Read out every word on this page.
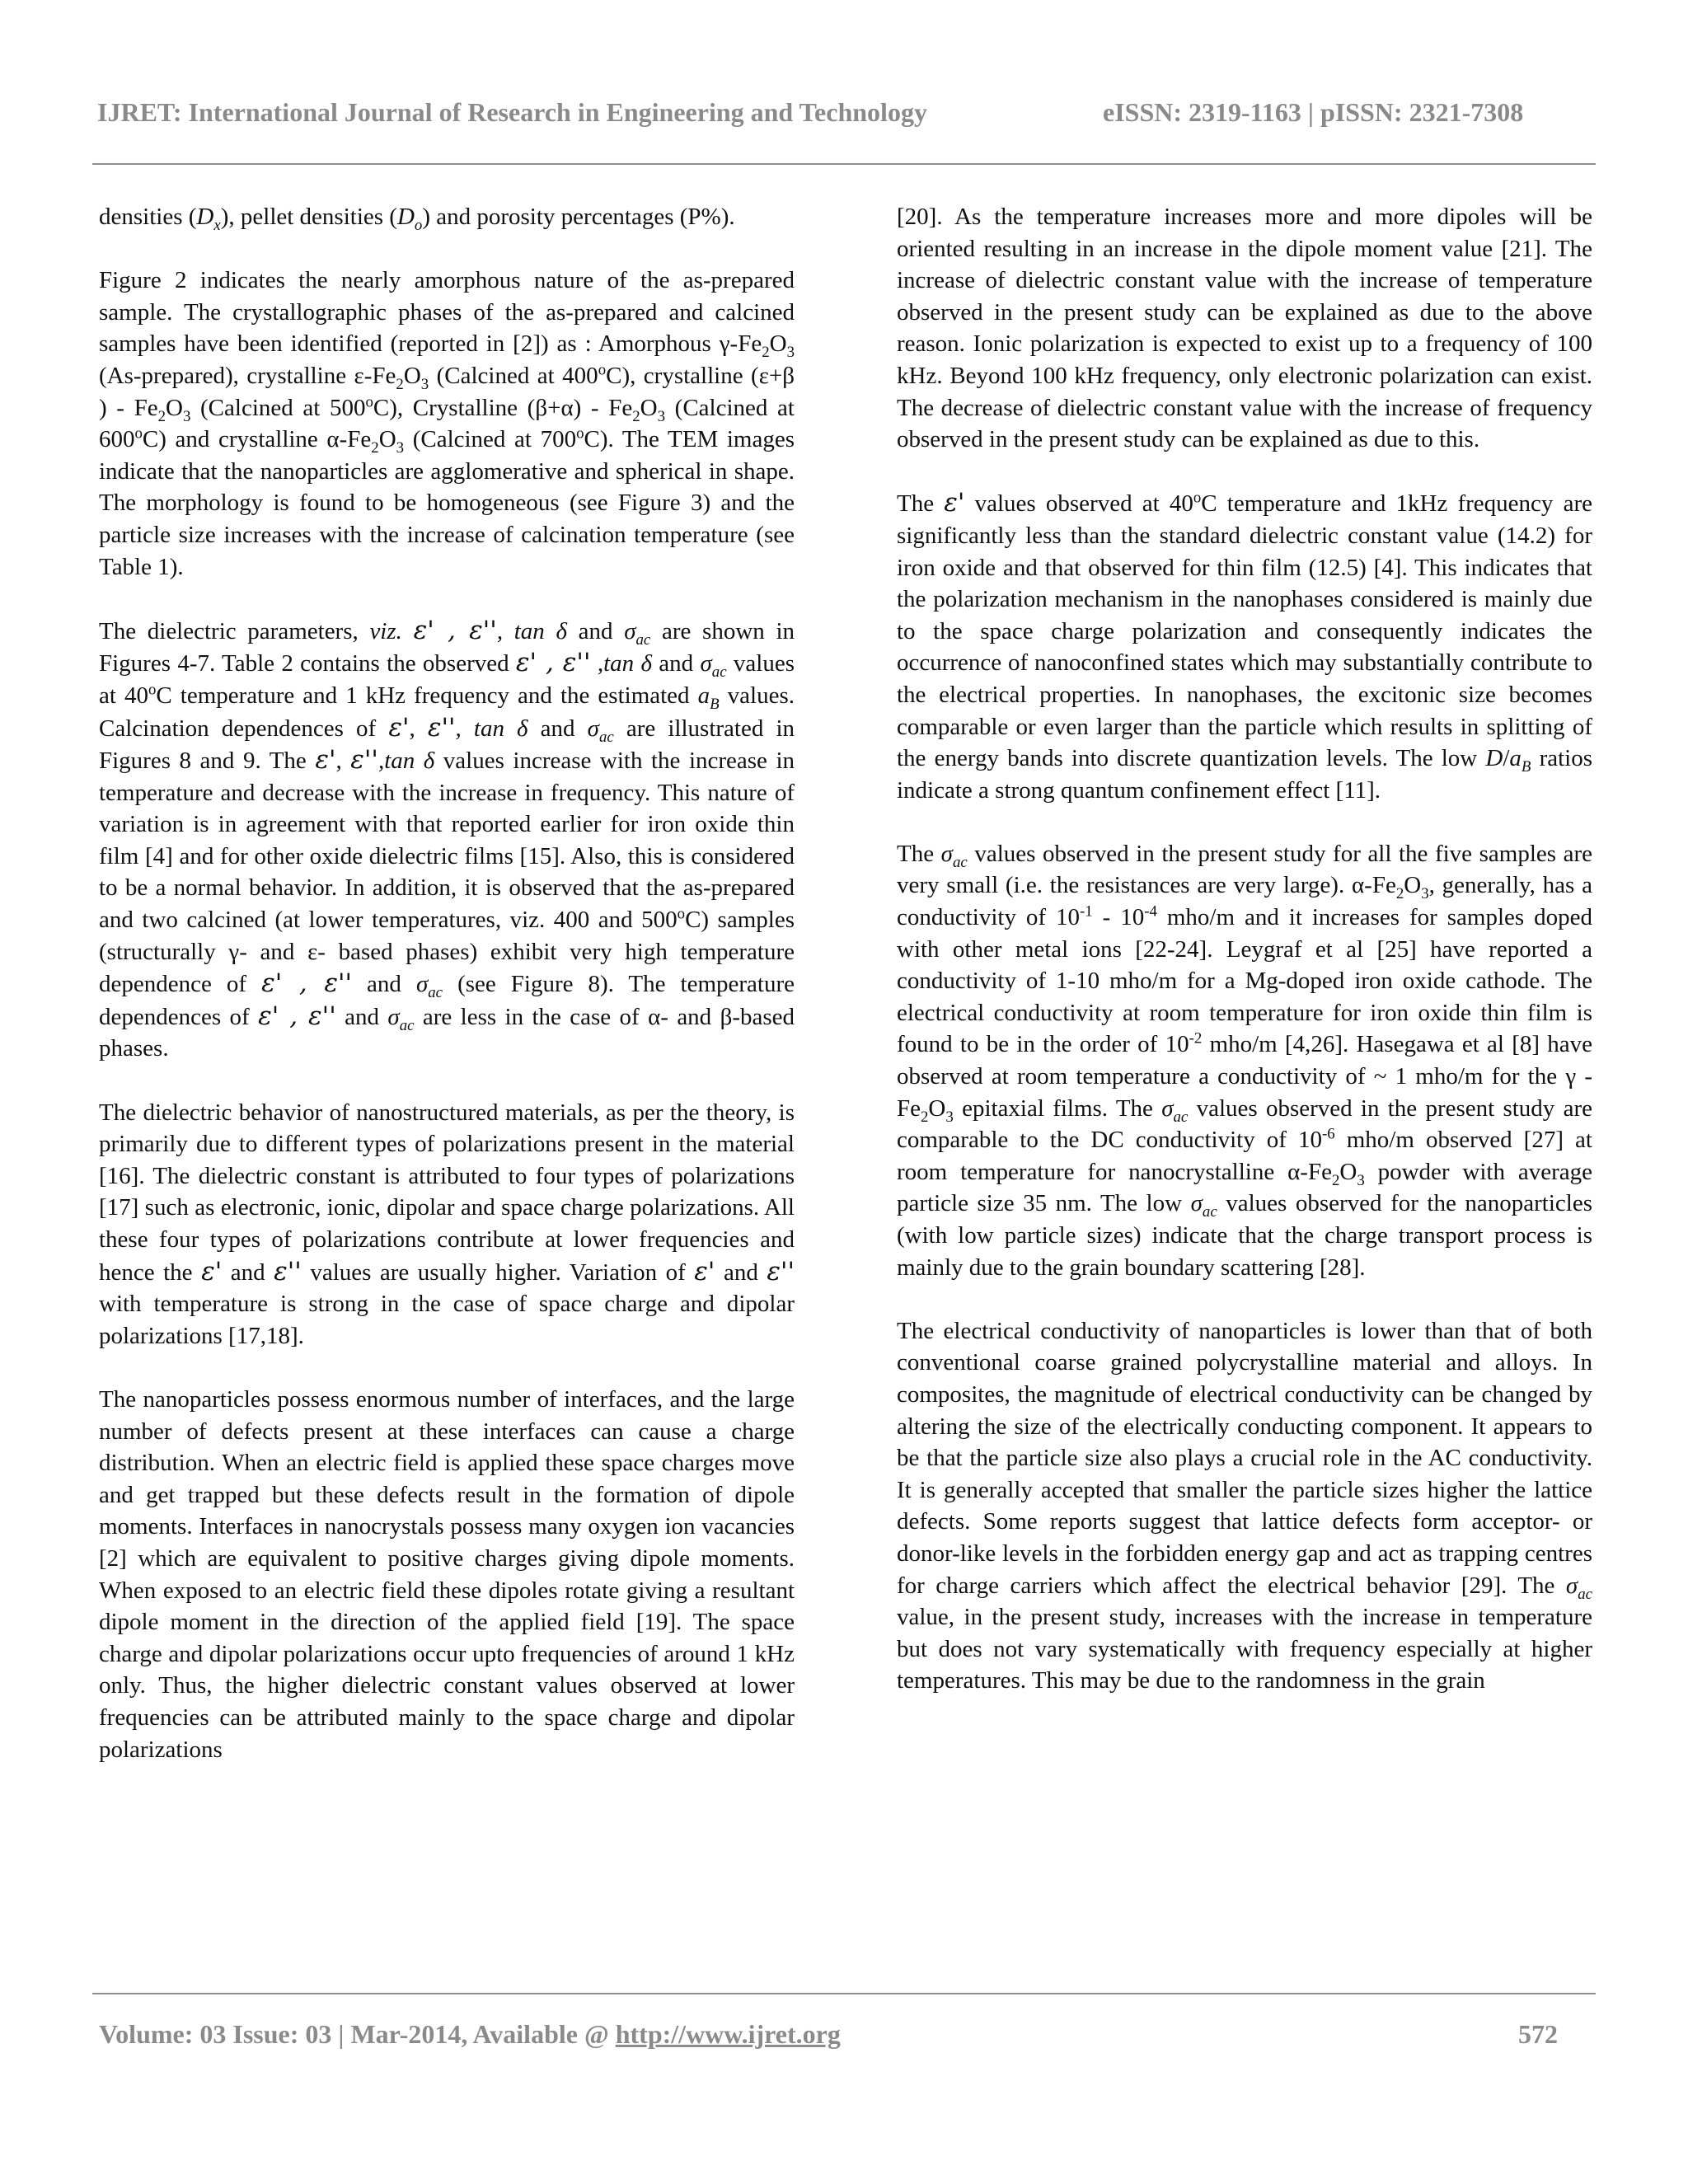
IJRET: International Journal of Research in Engineering and Technology	eISSN: 2319-1163 | pISSN: 2321-7308

densities $(D_x)$, pellet densities $(D_o)$ and porosity percentages (P%).

Figure 2 indicates the nearly amorphous nature of the as-prepared sample. The crystallographic phases of the as-prepared and calcined samples have been identified (reported in [2]) as : Amorphous $\gamma-Fe_2O_3$ (As-prepared), crystalline $\varepsilon-Fe_2O_3$ (Calcined at 400$^o$C), crystalline (ε+β ) - $Fe_2O_3$ (Calcined at 500$^o$C), Crystalline $(\beta+\alpha) - Fe_2O_3$ (Calcined at 600$^o$C) and crystalline $\alpha-Fe_2O_3$ (Calcined at 700$^o$C). The TEM images indicate that the nanoparticles are agglomerative and spherical in shape. The morphology is found to be homogeneous (see Figure 3) and the particle size increases with the increase of calcination temperature (see Table 1).

The dielectric parameters, viz. ε' , ε'', tan δ and $\sigma_{ac}$ are shown in Figures 4-7. Table 2 contains the observed ε' , ε'' ,tan δ and $\sigma_{ac}$ values at 40$^o$C temperature and 1 kHz frequency and the estimated $a_B$ values. Calcination dependences of ε', ε'', tan δ and $\sigma_{ac}$ are illustrated in Figures 8 and 9. The ε', ε'',tan δ values increase with the increase in temperature and decrease with the increase in frequency. This nature of variation is in agreement with that reported earlier for iron oxide thin film [4] and for other oxide dielectric films [15]. Also, this is considered to be a normal behavior. In addition, it is observed that the as-prepared and two calcined (at lower temperatures, viz. 400 and 500$^o$C) samples (structurally γ- and ε- based phases) exhibit very high temperature dependence of ε' , ε'' and $\sigma_{ac}$ (see Figure 8). The temperature dependences of ε' , ε'' and $\sigma_{ac}$ are less in the case of α- and β-based phases.

The dielectric behavior of nanostructured materials, as per the theory, is primarily due to different types of polarizations present in the material [16]. The dielectric constant is attributed to four types of polarizations [17] such as electronic, ionic, dipolar and space charge polarizations. All these four types of polarizations contribute at lower frequencies and hence the ε' and ε'' values are usually higher. Variation of ε' and ε'' with temperature is strong in the case of space charge and dipolar polarizations [17,18].

The nanoparticles possess enormous number of interfaces, and the large number of defects present at these interfaces can cause a charge distribution. When an electric field is applied these space charges move and get trapped but these defects result in the formation of dipole moments. Interfaces in nanocrystals possess many oxygen ion vacancies [2] which are equivalent to positive charges giving dipole moments. When exposed to an electric field these dipoles rotate giving a resultant dipole moment in the direction of the applied field [19]. The space charge and dipolar polarizations occur upto frequencies of around 1 kHz only. Thus, the higher dielectric constant values observed at lower frequencies can be attributed mainly to the space charge and dipolar polarizations

[20]. As the temperature increases more and more dipoles will be oriented resulting in an increase in the dipole moment value [21]. The increase of dielectric constant value with the increase of temperature observed in the present study can be explained as due to the above reason. Ionic polarization is expected to exist up to a frequency of 100 kHz. Beyond 100 kHz frequency, only electronic polarization can exist. The decrease of dielectric constant value with the increase of frequency observed in the present study can be explained as due to this.

The ε' values observed at 40$^o$C temperature and 1kHz frequency are significantly less than the standard dielectric constant value (14.2) for iron oxide and that observed for thin film (12.5) [4]. This indicates that the polarization mechanism in the nanophases considered is mainly due to the space charge polarization and consequently indicates the occurrence of nanoconfined states which may substantially contribute to the electrical properties. In nanophases, the excitonic size becomes comparable or even larger than the particle which results in splitting of the energy bands into discrete quantization levels. The low $D/a_B$ ratios indicate a strong quantum confinement effect [11].

The $\sigma_{ac}$ values observed in the present study for all the five samples are very small (i.e. the resistances are very large). $\alpha-Fe_2O_3$, generally, has a conductivity of $10^{-1} - 10^{-4}$ mho/m and it increases for samples doped with other metal ions [22-24]. Leygraf et al [25] have reported a conductivity of 1-10 mho/m for a Mg-doped iron oxide cathode. The electrical conductivity at room temperature for iron oxide thin film is found to be in the order of $10^{-2}$ mho/m [4,26]. Hasegawa et al [8] have observed at room temperature a conductivity of ~ 1 mho/m for the γ $-Fe_2O_3$ epitaxial films. The $\sigma_{ac}$ values observed in the present study are comparable to the DC conductivity of $10^{-6}$ mho/m observed [27] at room temperature for nanocrystalline $\alpha-Fe_2O_3$ powder with average particle size 35 nm. The low $\sigma_{ac}$ values observed for the nanoparticles (with low particle sizes) indicate that the charge transport process is mainly due to the grain boundary scattering [28].

The electrical conductivity of nanoparticles is lower than that of both conventional coarse grained polycrystalline material and alloys. In composites, the magnitude of electrical conductivity can be changed by altering the size of the electrically conducting component. It appears to be that the particle size also plays a crucial role in the AC conductivity. It is generally accepted that smaller the particle sizes higher the lattice defects. Some reports suggest that lattice defects form acceptor- or donor-like levels in the forbidden energy gap and act as trapping centres for charge carriers which affect the electrical behavior [29]. The $\sigma_{ac}$ value, in the present study, increases with the increase in temperature but does not vary systematically with frequency especially at higher temperatures. This may be due to the randomness in the grain

Volume: 03 Issue: 03 | Mar-2014, Available @ http://www.ijret.org	572
